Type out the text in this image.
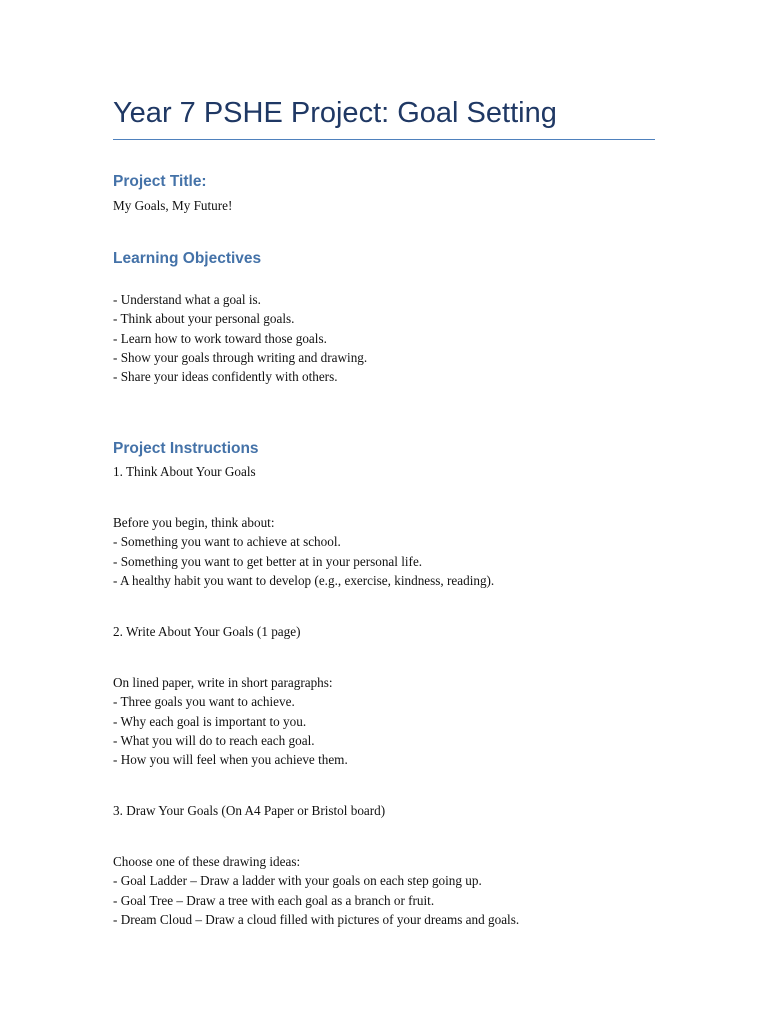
Year 7 PSHE Project: Goal Setting
Project Title:

My Goals, My Future!

Learning Objectives
- Understand what a goal is.
- Think about your personal goals.
- Learn how to work toward those goals.
- Show your goals through writing and drawing.
- Share your ideas confidently with others.
Project Instructions

1. Think About Your Goals

Before you begin, think about:
- Something you want to achieve at school.
- Something you want to get better at in your personal life.
- A healthy habit you want to develop (e.g., exercise, kindness, reading).

2. Write About Your Goals (1 page)

On lined paper, write in short paragraphs:
- Three goals you want to achieve.
- Why each goal is important to you.
- What you will do to reach each goal.
- How you will feel when you achieve them.

3. Draw Your Goals (On A4 Paper or Bristol board)

Choose one of these drawing ideas:
- Goal Ladder – Draw a ladder with your goals on each step going up.
- Goal Tree – Draw a tree with each goal as a branch or fruit.
- Dream Cloud – Draw a cloud filled with pictures of your dreams and goals.
